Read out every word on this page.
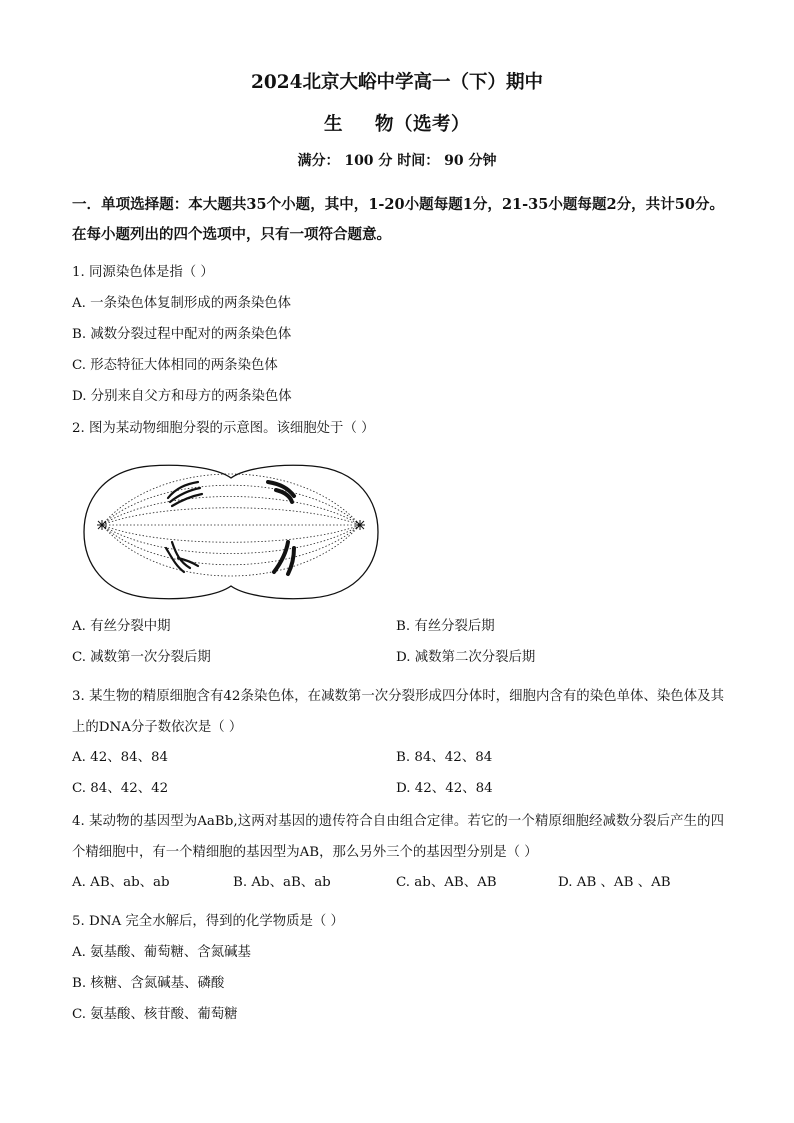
2024北京大峪中学高一（下）期中
生 物（选考）
满分： 100 分 时间： 90 分钟
一．单项选择题：本大题共35个小题，其中，1-20小题每题1分，21-35小题每题2分，共计50分。在每小题列出的四个选项中，只有一项符合题意。
1. 同源染色体是指（ ）
A. 一条染色体复制形成的两条染色体
B. 减数分裂过程中配对的两条染色体
C. 形态特征大体相同的两条染色体
D. 分别来自父方和母方的两条染色体
2. 图为某动物细胞分裂的示意图。该细胞处于（ ）
A. 有丝分裂中期	B. 有丝分裂后期
C. 减数第一次分裂后期	D. 减数第二次分裂后期
3. 某生物的精原细胞含有42条染色体，在减数第一次分裂形成四分体时，细胞内含有的染色单体、染色体及其上的DNA分子数依次是（ ）
A. 42、84、84	B. 84、42、84
C. 84、42、42	D. 42、42、84
4. 某动物的基因型为AaBb,这两对基因的遗传符合自由组合定律。若它的一个精原细胞经减数分裂后产生的四个精细胞中，有一个精细胞的基因型为AB，那么另外三个的基因型分别是（ ）
A. AB、ab、ab	B. Ab、aB、ab	C. ab、AB、AB	D. AB 、AB 、AB
5. DNA 完全水解后，得到的化学物质是（ ）
A. 氨基酸、葡萄糖、含氮碱基
B. 核糖、含氮碱基、磷酸
C. 氨基酸、核苷酸、葡萄糖
